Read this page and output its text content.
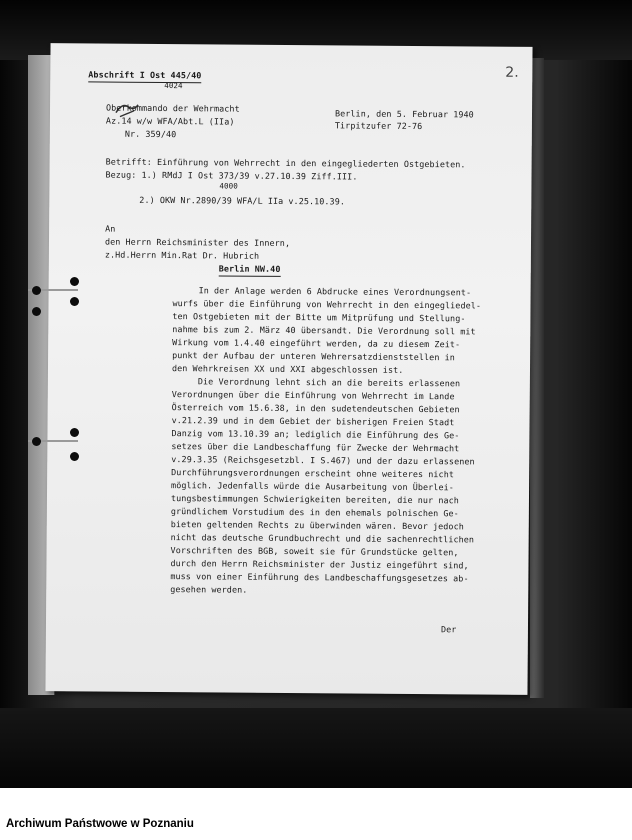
Abschrift I Ost 445/40
4024
2.
Oberkommando der Wehrmacht
Az.14 w/w WFA/Abt.L (IIa)
Nr. 359/40
Berlin, den 5. Februar 1940
Tirpitzufer 72-76
Betrifft: Einführung von Wehrrecht in den eingegliederten Ostgebieten.
Bezug: 1.) RMdJ I Ost 373/39 v.27.10.39 Ziff.III.
4000
2.) OKW Nr.2890/39 WFA/L IIa v.25.10.39.
An
den Herrn Reichsminister des Innern,
z.Hd.Herrn Min.Rat Dr. Hubrich
Berlin NW.40
In der Anlage werden 6 Abdrucke eines Verordnungsent-
wurfs über die Einführung von Wehrrecht in den eingegliedel-
ten Ostgebieten mit der Bitte um Mitprüfung und Stellung-
nahme bis zum 2. März 40 übersandt. Die Verordnung soll mit
Wirkung vom 1.4.40 eingeführt werden, da zu diesem Zeit-
punkt der Aufbau der unteren Wehrersatzdienststellen in
den Wehrkreisen XX und XXI abgeschlossen ist.
Die Verordnung lehnt sich an die bereits erlassenen
Verordnungen über die Einführung von Wehrrecht im Lande
Österreich vom 15.6.38, in den sudetendeutschen Gebieten
v.21.2.39 und in dem Gebiet der bisherigen Freien Stadt
Danzig vom 13.10.39 an; lediglich die Einführung des Ge-
setzes über die Landbeschaffung für Zwecke der Wehrmacht
v.29.3.35 (Reichsgesetzbl. I S.467) und der dazu erlassenen
Durchführungsverordnungen erscheint ohne weiteres nicht
möglich. Jedenfalls würde die Ausarbeitung von Überlei-
tungsbestimmungen Schwierigkeiten bereiten, die nur nach
gründlichem Vorstudium des in den ehemals polnischen Ge-
bieten geltenden Rechts zu überwinden wären. Bevor jedoch
nicht das deutsche Grundbuchrecht und die sachenrechtlichen
Vorschriften des BGB, soweit sie für Grundstücke gelten,
durch den Herrn Reichsminister der Justiz eingeführt sind,
muss von einer Einführung des Landbeschaffungsgesetzes ab-
gesehen werden.
Der
Archiwum Państwowe w Poznaniu
